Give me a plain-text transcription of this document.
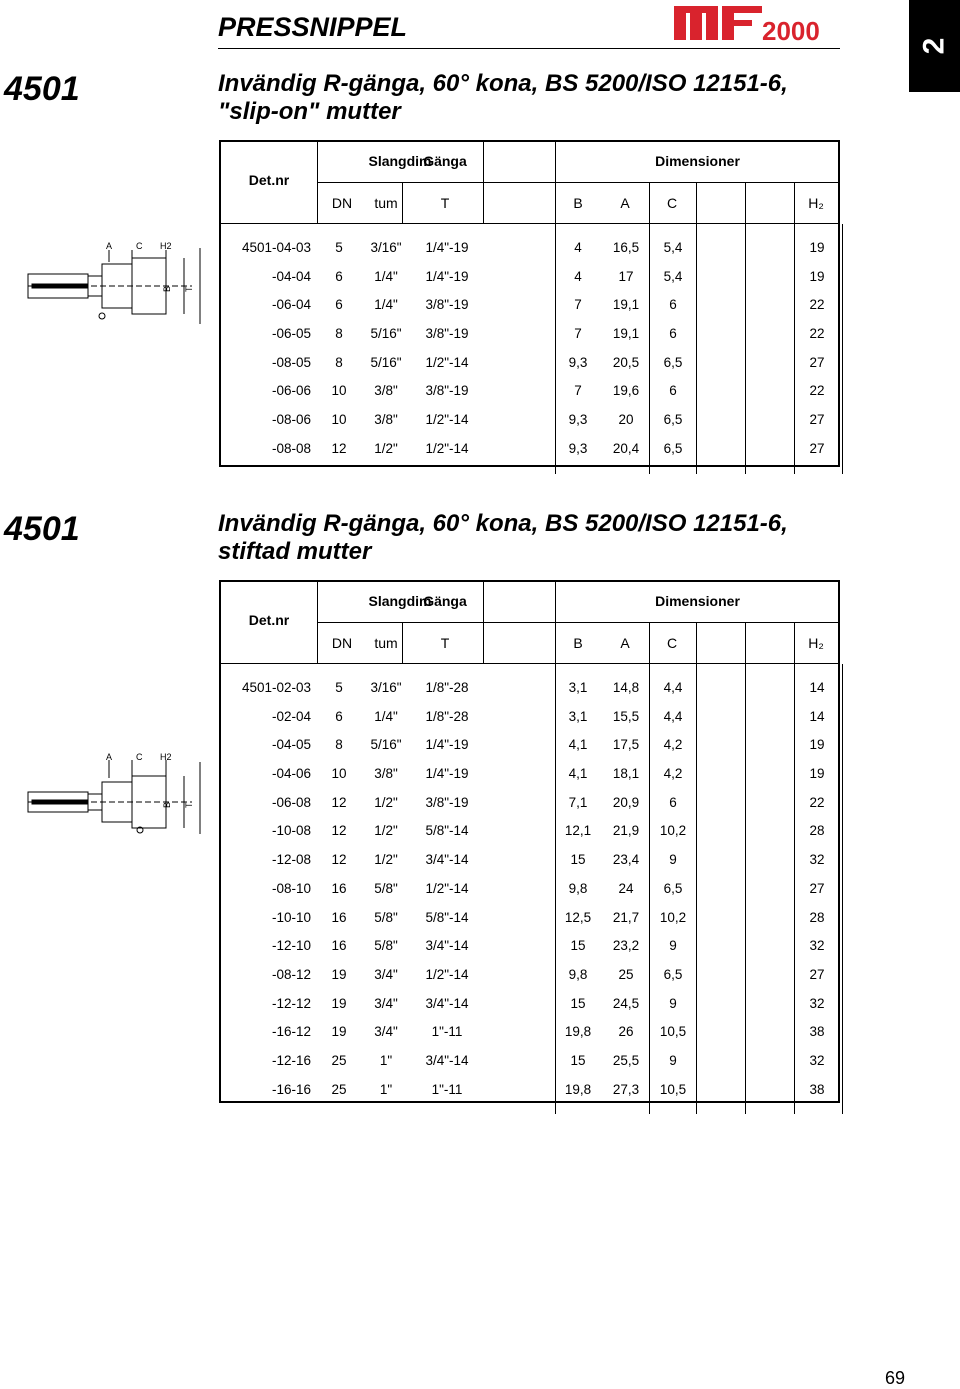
PRESSNIPPEL	2000	2
4501	Invändig R-gänga, 60° kona, BS 5200/ISO 12151-6,
"slip-on" mutter
Det.nr
Slangdim
Gänga	Dimensioner
DN	tum	T	B	A	C	H₂
4501-04-03	5	3/16"	1/4"-19	4	16,5	5,4	19
-04-04	6	1/4"	1/4"-19	4	17	5,4	19
-06-04	6	1/4"	3/8"-19	7	19,1	6	22
-06-05	8	5/16"	3/8"-19	7	19,1	6	22
-08-05	8	5/16"	1/2"-14	9,3	20,5	6,5	27
-06-06	10	3/8"	3/8"-19	7	19,6	6	22
-08-06	10	3/8"	1/2"-14	9,3	20	6,5	27
-08-08	12	1/2"	1/2"-14	9,3	20,4	6,5	27
4501	Invändig R-gänga, 60° kona, BS 5200/ISO 12151-6,
stiftad mutter
Det.nr
Slangdim
Gänga	Dimensioner
DN	tum	T	B	A	C	H₂
4501-02-03	5	3/16"	1/8"-28	3,1	14,8	4,4	14
-02-04	6	1/4"	1/8"-28	3,1	15,5	4,4	14
-04-05	8	5/16"	1/4"-19	4,1	17,5	4,2	19
-04-06	10	3/8"	1/4"-19	4,1	18,1	4,2	19
-06-08	12	1/2"	3/8"-19	7,1	20,9	6	22
-10-08	12	1/2"	5/8"-14	12,1	21,9	10,2	28
-12-08	12	1/2"	3/4"-14	15	23,4	9	32
-08-10	16	5/8"	1/2"-14	9,8	24	6,5	27
-10-10	16	5/8"	5/8"-14	12,5	21,7	10,2	28
-12-10	16	5/8"	3/4"-14	15	23,2	9	32
-08-12	19	3/4"	1/2"-14	9,8	25	6,5	27
-12-12	19	3/4"	3/4"-14	15	24,5	9	32
-16-12	19	3/4"	1"-11	19,8	26	10,5	38
-12-16	25	1"	3/4"-14	15	25,5	9	32
-16-16	25	1"	1"-11	19,8	27,3	10,5	38
A	C H2
B T
A	C H2
B T
69
